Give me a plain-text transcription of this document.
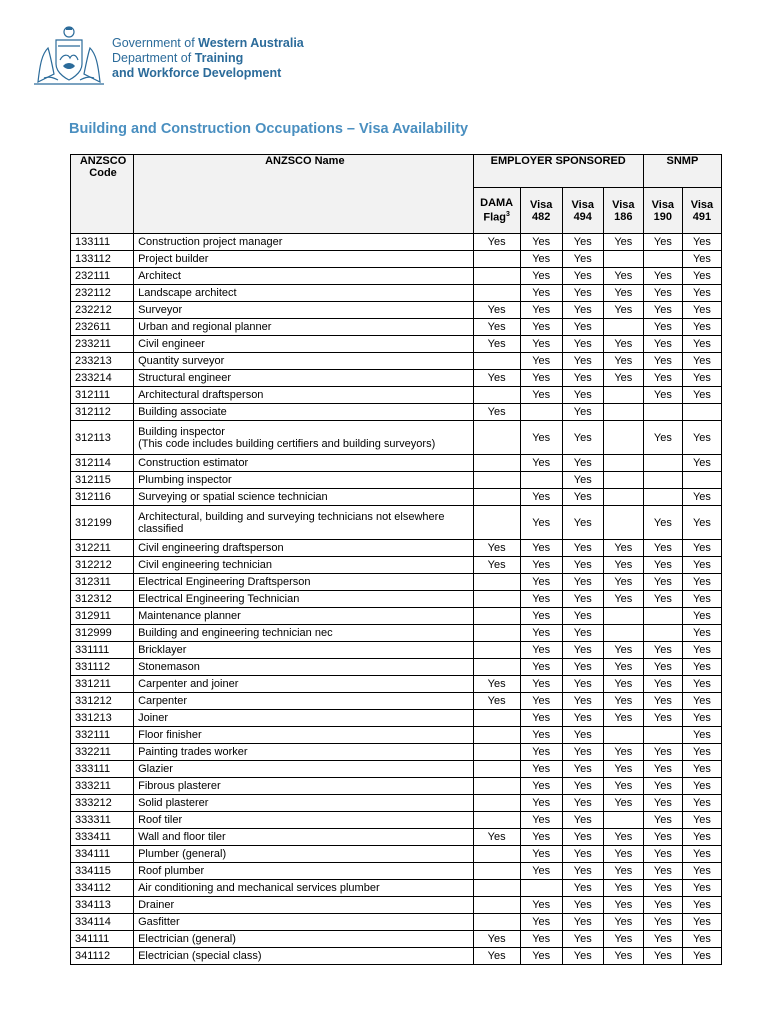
Government of Western Australia
Department of Training
and Workforce Development
Building and Construction Occupations – Visa Availability
ANZSCO Code	ANZSCO Name	EMPLOYER SPONSORED				SNMP	
		DAMA Flag$^3$	Visa 482	Visa 494	Visa 186	Visa 190	Visa 491
133111	Construction project manager	Yes	Yes	Yes	Yes	Yes	Yes
133112	Project builder		Yes	Yes			Yes
232111	Architect		Yes	Yes	Yes	Yes	Yes
232112	Landscape architect		Yes	Yes	Yes	Yes	Yes
232212	Surveyor	Yes	Yes	Yes	Yes	Yes	Yes
232611	Urban and regional planner	Yes	Yes	Yes		Yes	Yes
233211	Civil engineer	Yes	Yes	Yes	Yes	Yes	Yes
233213	Quantity surveyor		Yes	Yes	Yes	Yes	Yes
233214	Structural engineer	Yes	Yes	Yes	Yes	Yes	Yes
312111	Architectural draftsperson		Yes	Yes		Yes	Yes
312112	Building associate	Yes		Yes			
312113	Building inspector
(This code includes building certifiers and building surveyors)		Yes	Yes		Yes	Yes
312114	Construction estimator		Yes	Yes			Yes
312115	Plumbing inspector			Yes			
312116	Surveying or spatial science technician		Yes	Yes			Yes
312199	Architectural, building and surveying technicians not elsewhere classified		Yes	Yes		Yes	Yes
312211	Civil engineering draftsperson	Yes	Yes	Yes	Yes	Yes	Yes
312212	Civil engineering technician	Yes	Yes	Yes	Yes	Yes	Yes
312311	Electrical Engineering Draftsperson		Yes	Yes	Yes	Yes	Yes
312312	Electrical Engineering Technician		Yes	Yes	Yes	Yes	Yes
312911	Maintenance planner		Yes	Yes			Yes
312999	Building and engineering technician nec		Yes	Yes			Yes
331111	Bricklayer		Yes	Yes	Yes	Yes	Yes
331112	Stonemason		Yes	Yes	Yes	Yes	Yes
331211	Carpenter and joiner	Yes	Yes	Yes	Yes	Yes	Yes
331212	Carpenter	Yes	Yes	Yes	Yes	Yes	Yes
331213	Joiner		Yes	Yes	Yes	Yes	Yes
332111	Floor finisher		Yes	Yes			Yes
332211	Painting trades worker		Yes	Yes	Yes	Yes	Yes
333111	Glazier		Yes	Yes	Yes	Yes	Yes
333211	Fibrous plasterer		Yes	Yes	Yes	Yes	Yes
333212	Solid plasterer		Yes	Yes	Yes	Yes	Yes
333311	Roof tiler		Yes	Yes		Yes	Yes
333411	Wall and floor tiler	Yes	Yes	Yes	Yes	Yes	Yes
334111	Plumber (general)		Yes	Yes	Yes	Yes	Yes
334115	Roof plumber		Yes	Yes	Yes	Yes	Yes
334112	Air conditioning and mechanical services plumber			Yes	Yes	Yes	Yes
334113	Drainer		Yes	Yes	Yes	Yes	Yes
334114	Gasfitter		Yes	Yes	Yes	Yes	Yes
341111	Electrician (general)	Yes	Yes	Yes	Yes	Yes	Yes
341112	Electrician (special class)	Yes	Yes	Yes	Yes	Yes	Yes
